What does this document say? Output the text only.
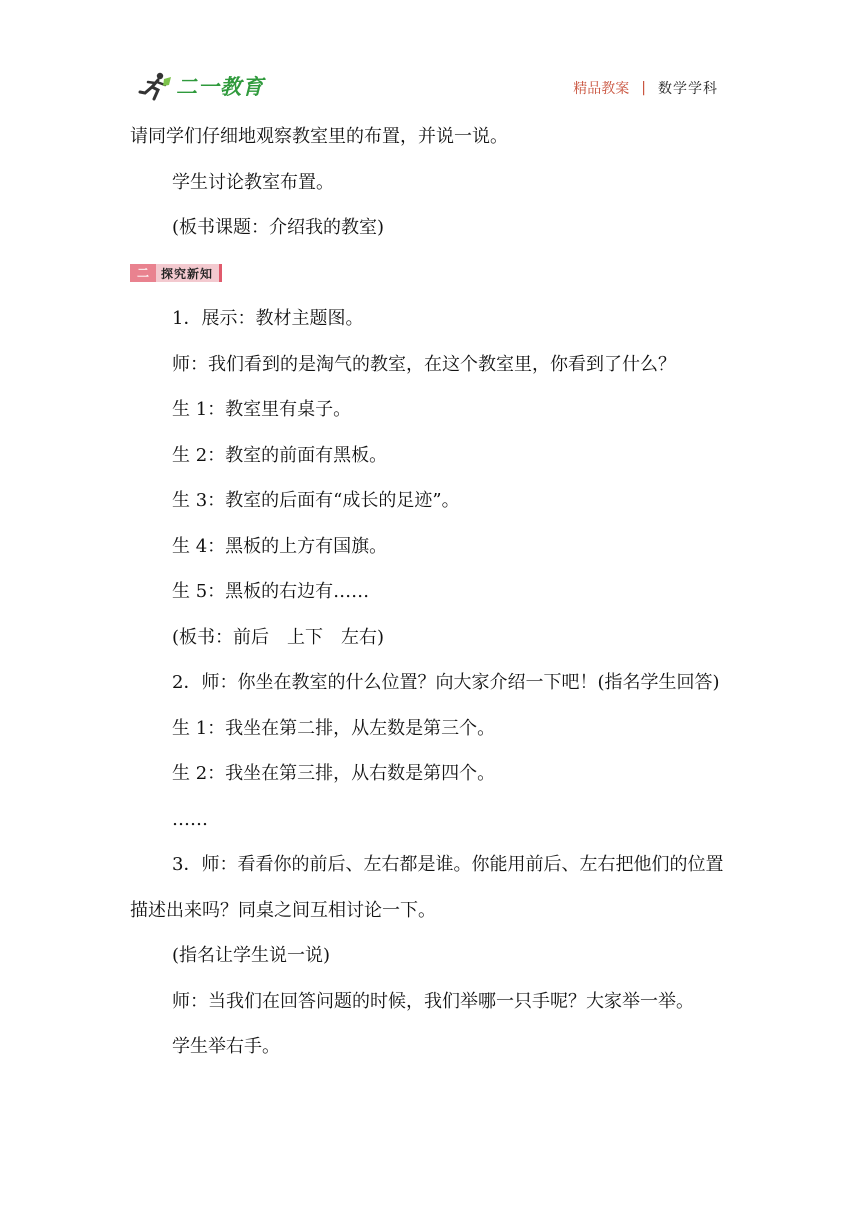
二一教育	精品教案 | 数学学科

请同学们仔细地观察教室里的布置，并说一说。

学生讨论教室布置。

(板书课题：介绍我的教室)

二	探究新知

1．展示：教材主题图。

师：我们看到的是淘气的教室，在这个教室里，你看到了什么？

生 1：教室里有桌子。

生 2：教室的前面有黑板。

生 3：教室的后面有“成长的足迹”。

生 4：黑板的上方有国旗。

生 5：黑板的右边有……

(板书：前后　上下　左右)

2．师：你坐在教室的什么位置？向大家介绍一下吧！(指名学生回答)

生 1：我坐在第二排，从左数是第三个。

生 2：我坐在第三排，从右数是第四个。

……

3．师：看看你的前后、左右都是谁。你能用前后、左右把他们的位置描述出来吗？同桌之间互相讨论一下。

(指名让学生说一说)

师：当我们在回答问题的时候，我们举哪一只手呢？大家举一举。

学生举右手。
